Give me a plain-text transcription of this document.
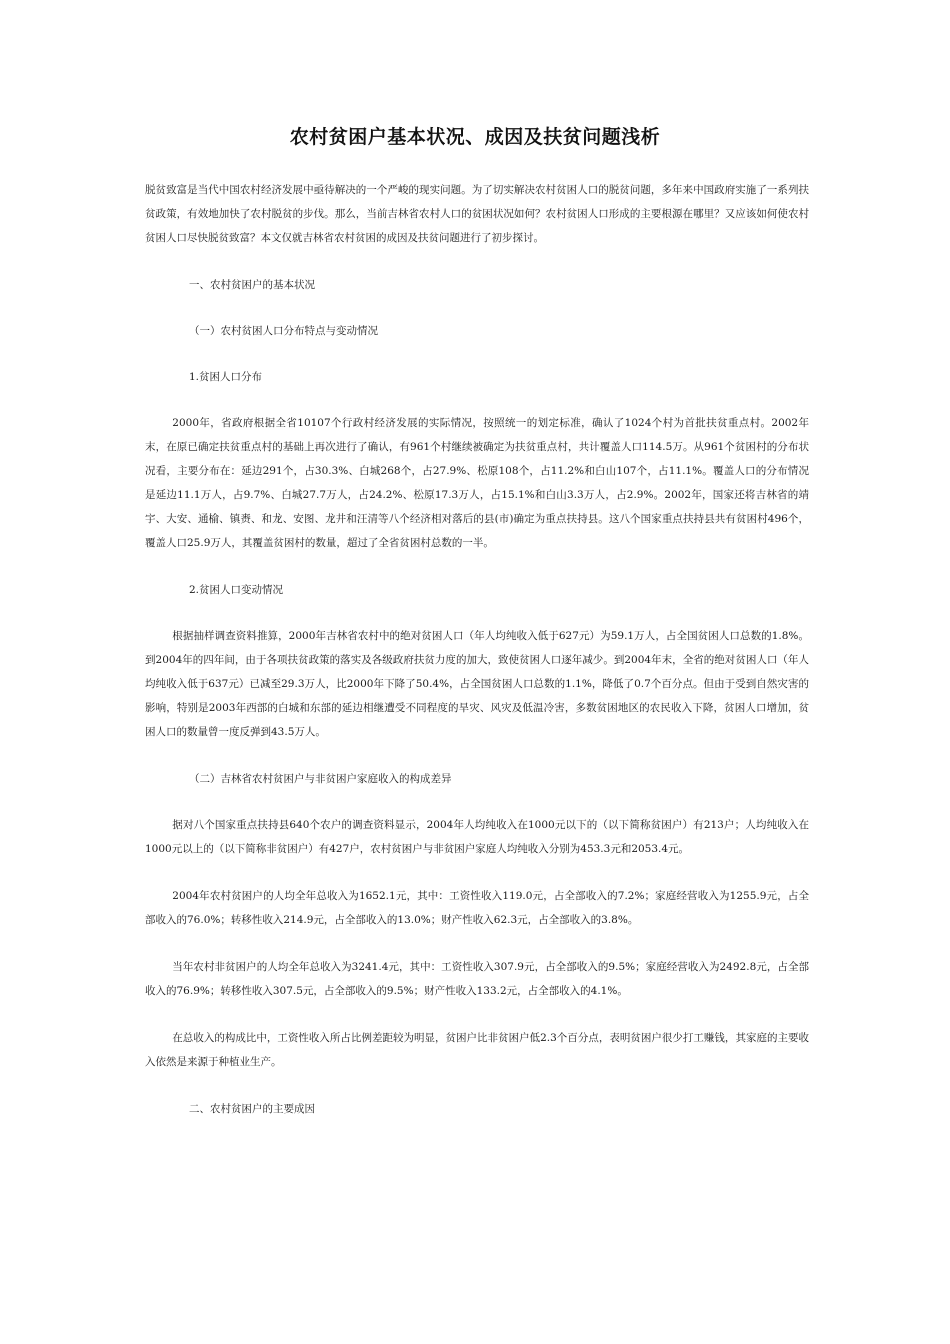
农村贫困户基本状况、成因及扶贫问题浅析

脱贫致富是当代中国农村经济发展中亟待解决的一个严峻的现实问题。为了切实解决农村贫困人口的脱贫问题，多年来中国政府实施了一系列扶贫政策，有效地加快了农村脱贫的步伐。那么，当前吉林省农村人口的贫困状况如何？农村贫困人口形成的主要根源在哪里？又应该如何使农村贫困人口尽快脱贫致富？本文仅就吉林省农村贫困的成因及扶贫问题进行了初步探讨。

一、农村贫困户的基本状况

（一）农村贫困人口分布特点与变动情况

1.贫困人口分布

2000年，省政府根据全省10107个行政村经济发展的实际情况，按照统一的划定标准，确认了1024个村为首批扶贫重点村。2002年末，在原已确定扶贫重点村的基础上再次进行了确认，有961个村继续被确定为扶贫重点村，共计覆盖人口114.5万。从961个贫困村的分布状况看，主要分布在：延边291个，占30.3%、白城268个，占27.9%、松原108个，占11.2%和白山107个，占11.1%。覆盖人口的分布情况是延边11.1万人，占9.7%、白城27.7万人，占24.2%、松原17.3万人，占15.1%和白山3.3万人，占2.9%。2002年，国家还将吉林省的靖宇、大安、通榆、镇赉、和龙、安图、龙井和汪清等八个经济相对落后的县(市)确定为重点扶持县。这八个国家重点扶持县共有贫困村496个，覆盖人口25.9万人，其覆盖贫困村的数量，超过了全省贫困村总数的一半。

2.贫困人口变动情况

根据抽样调查资料推算，2000年吉林省农村中的绝对贫困人口（年人均纯收入低于627元）为59.1万人，占全国贫困人口总数的1.8%。到2004年的四年间，由于各项扶贫政策的落实及各级政府扶贫力度的加大，致使贫困人口逐年减少。到2004年末，全省的绝对贫困人口（年人均纯收入低于637元）已减至29.3万人，比2000年下降了50.4%，占全国贫困人口总数的1.1%，降低了0.7个百分点。但由于受到自然灾害的影响，特别是2003年西部的白城和东部的延边相继遭受不同程度的旱灾、风灾及低温冷害，多数贫困地区的农民收入下降，贫困人口增加，贫困人口的数量曾一度反弹到43.5万人。

（二）吉林省农村贫困户与非贫困户家庭收入的构成差异

据对八个国家重点扶持县640个农户的调查资料显示，2004年人均纯收入在1000元以下的（以下简称贫困户）有213户；人均纯收入在1000元以上的（以下简称非贫困户）有427户，农村贫困户与非贫困户家庭人均纯收入分别为453.3元和2053.4元。

2004年农村贫困户的人均全年总收入为1652.1元，其中：工资性收入119.0元，占全部收入的7.2%；家庭经营收入为1255.9元，占全部收入的76.0%；转移性收入214.9元，占全部收入的13.0%；财产性收入62.3元，占全部收入的3.8%。

当年农村非贫困户的人均全年总收入为3241.4元，其中：工资性收入307.9元，占全部收入的9.5%；家庭经营收入为2492.8元，占全部收入的76.9%；转移性收入307.5元，占全部收入的9.5%；财产性收入133.2元，占全部收入的4.1%。

在总收入的构成比中，工资性收入所占比例差距较为明显，贫困户比非贫困户低2.3个百分点，表明贫困户很少打工赚钱，其家庭的主要收入依然是来源于种植业生产。

二、农村贫困户的主要成因
